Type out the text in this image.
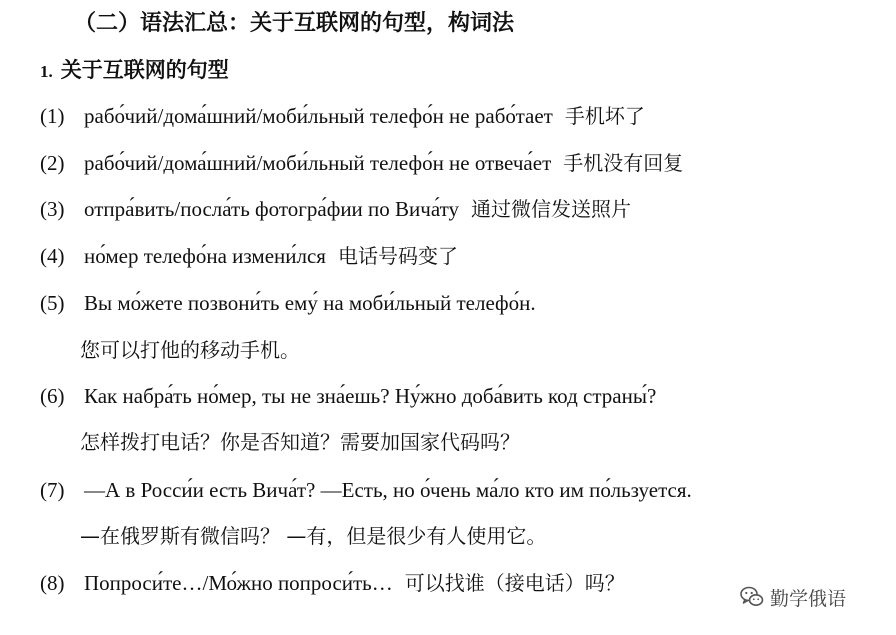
（二）语法汇总：关于互联网的句型，构词法
1. 关于互联网的句型
(1) рабо́чий/дома́шний/моби́льный телефо́н не рабо́тает 手机坏了
(2) рабо́чий/дома́шний/моби́льный телефо́н не отвеча́ет 手机没有回复
(3) отпра́вить/посла́ть фотогра́фии по Вича́ту 通过微信发送照片
(4) но́мер телефо́на измени́лся 电话号码变了
(5) Вы мо́жете позвони́ть ему́ на моби́льный телефо́н.
您可以打他的移动手机。
(6) Как набра́ть но́мер, ты не зна́ешь? Ну́жно доба́вить код страны́?
怎样拨打电话？你是否知道？需要加国家代码吗？
(7) —А в Росси́и есть Вича́т? —Есть, но о́чень ма́ло кто им по́льзуется.
—在俄罗斯有微信吗？ —有，但是很少有人使用它。
(8) Попроси́те…/Мо́жно попроси́ть… 可以找谁（接电话）吗？
勤学俄语
